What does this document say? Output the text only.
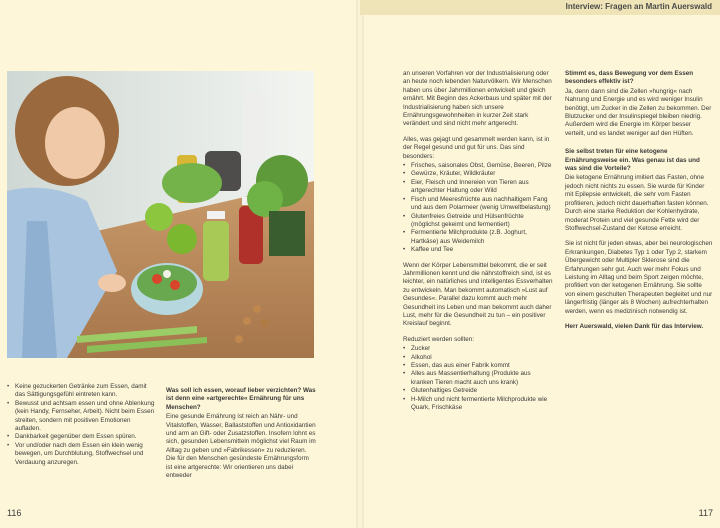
• Keine gezuckerten Getränke zum Essen, damit das Sättigungsgefühl eintreten kann.
• Bewusst und achtsam essen und ohne Ablenkung (kein Handy, Fernseher, Arbeit). Nicht beim Essen streiten, sondern mit positiven Emotionen aufladen.
• Dankbarkeit gegenüber dem Essen spüren.
• Vor und/oder nach dem Essen ein klein wenig bewegen, um Durchblutung, Stoffwechsel und Verdauung anzuregen.

Was soll ich essen, worauf lieber verzichten? Was ist denn eine »artgerechte« Ernährung für uns Menschen?

Eine gesunde Ernährung ist reich an Nähr- und Vitalstoffen, Wasser, Ballaststoffen und Antioxidantien und arm an Gift- oder Zusatzstoffen. Insofern lohnt es sich, gesunden Lebensmitteln möglichst viel Raum im Alltag zu geben und »Fabrikessen« zu reduzieren. Die für den Menschen gesündeste Ernährungsform ist eine artgerechte: Wir orientieren uns dabei entweder

116
Interview: Fragen an Martin Auerswald

an unseren Vorfahren vor der Industrialisierung oder an heute noch lebenden Naturvölkern. Wir Menschen haben uns über Jahrmillionen entwickelt und gleich ernährt. Mit Beginn des Ackerbaus und später mit der Industrialisierung haben sich unsere Ernährungsgewohnheiten in kurzer Zeit stark verändert und sind nicht mehr artgerecht.

Alles, was gejagt und gesammelt werden kann, ist in der Regel gesund und gut für uns. Das sind besonders:

• Frisches, saisonales Obst, Gemüse, Beeren, Pilze
• Gewürze, Kräuter, Wildkräuter
• Eier, Fleisch und Innereien von Tieren aus artgerechter Haltung oder Wild
• Fisch und Meeresfrüchte aus nachhaltigem Fang und aus dem Polarmeer (wenig Umweltbelastung)
• Glutenfreies Getreide und Hülsenfrüchte (möglichst gekeimt und fermentiert)
• Fermentierte Milchprodukte (z.B. Joghurt, Hartkäse) aus Weidemilch
• Kaffee und Tee

Wenn der Körper Lebensmittel bekommt, die er seit Jahrmillionen kennt und die nährstoffreich sind, ist es leichter, ein natürliches und intelligentes Essverhalten zu entwickeln. Man bekommt automatisch »Lust auf Gesundes«. Parallel dazu kommt auch mehr Gesundheit ins Leben und man bekommt auch daher Lust, mehr für die Gesundheit zu tun – ein positiver Kreislauf beginnt.

Reduziert werden sollten:

• Zucker
• Alkohol
• Essen, das aus einer Fabrik kommt
• Alles aus Massentierhaltung (Produkte aus kranken Tieren macht auch uns krank)
• Glutenhaltiges Getreide
• H-Milch und nicht fermentierte Milchprodukte wie Quark, Frischkäse

Stimmt es, dass Bewegung vor dem Essen besonders effektiv ist?

Ja, denn dann sind die Zellen »hungrig« nach Nahrung und Energie und es wird weniger Insulin benötigt, um Zucker in die Zellen zu bekommen. Der Blutzucker und der Insulinspiegel bleiben niedrig. Außerdem wird die Energie im Körper besser verteilt, und es landet weniger auf den Hüften.

Sie selbst treten für eine ketogene Ernährungsweise ein. Was genau ist das und was sind die Vorteile?

Die ketogene Ernährung imitiert das Fasten, ohne jedoch nicht nichts zu essen. Sie wurde für Kinder mit Epilepsie entwickelt, die sehr vom Fasten profitieren, jedoch nicht dauerhaften fasten können. Durch eine starke Reduktion der Kohlenhydrate, moderat Protein und viel gesunde Fette wird der Stoffwechsel-Zustand der Ketose erreicht.

Sie ist nicht für jeden etwas, aber bei neurologischen Erkrankungen, Diabetes Typ 1 oder Typ 2, starkem Übergewicht oder Multipler Sklerose sind die Erfahrungen sehr gut. Auch wer mehr Fokus und Leistung im Alltag und beim Sport zeigen möchte, profitiert von der ketogenen Ernährung. Sie sollte von einem geschulten Therapeuten begleitet und nur längerfristig (länger als 8 Wochen) aufrechterhalten werden, wenn es medizinisch notwendig ist.

Herr Auerswald, vielen Dank für das Interview.

117
